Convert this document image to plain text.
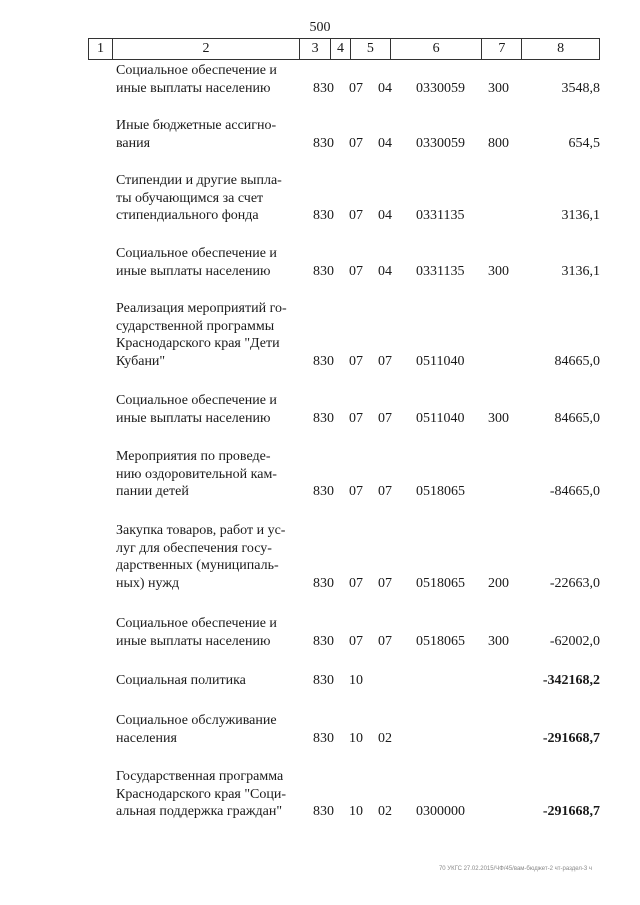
500
1	2	3	4	5	6	7	8
Социальное обеспечение и
иные выплаты населению	830 07 04 0330059 300	3548,8
Иные бюджетные ассигно-
вания	830 07 04 0330059 800	654,5
Стипендии и другие выпла-
ты обучающимся за счет
стипендиального фонда	830 07 04 0331135	3136,1
Социальное обеспечение и
иные выплаты населению	830 07 04 0331135 300	3136,1
Реализация мероприятий го-
сударственной программы
Краснодарского края "Дети
Кубани"	830 07 07 0511040	84665,0
Социальное обеспечение и
иные выплаты населению	830 07 07 0511040 300	84665,0
Мероприятия по проведе-
нию оздоровительной кам-
пании детей	830 07 07 0518065	-84665,0
Закупка товаров, работ и ус-
луг для обеспечения госу-
дарственных (муниципаль-
ных) нужд	830 07 07 0518065 200	-22663,0
Социальное обеспечение и
иные выплаты населению	830 07 07 0518065 300	-62002,0
Социальная политика	830 10	-342168,2
Социальное обслуживание
населения	830 10 02	-291668,7
Государственная программа
Краснодарского края "Соци-
альная поддержка граждан"	830 10 02 0300000	-291668,7
70 УКГС 27.02.2015/ЧФ/45/вам-бюджет-2 чт-раздел-3 ч
